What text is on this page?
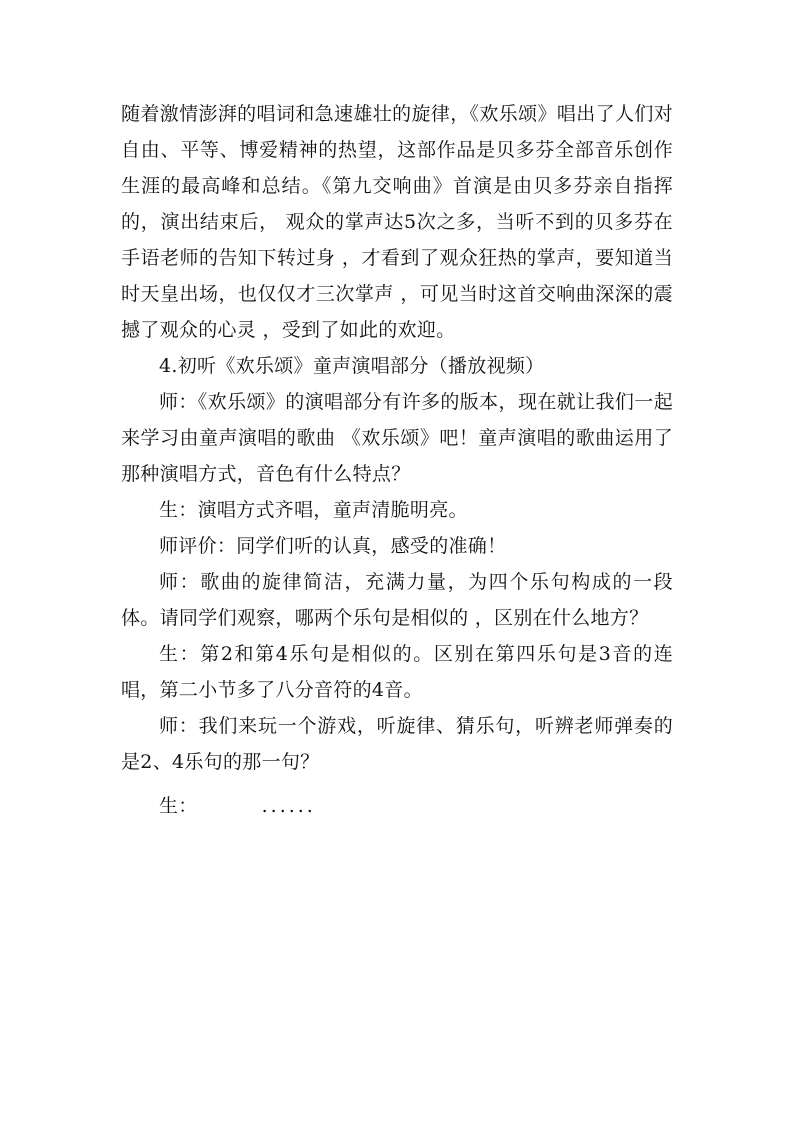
随着激情澎湃的唱词和急速雄壮的旋律，《欢乐颂》唱出了人们对自由、平等、博爱精神的热望，这部作品是贝多芬全部音乐创作生涯的最高峰和总结。《第九交响曲》首演是由贝多芬亲自指挥的，演出结束后， 观众的掌声达5次之多，当听不到的贝多芬在手语老师的告知下转过身 ，才看到了观众狂热的掌声，要知道当时天皇出场，也仅仅才三次掌声 ，可见当时这首交响曲深深的震撼了观众的心灵 ，受到了如此的欢迎。

4.初听《欢乐颂》童声演唱部分（播放视频）

师：《欢乐颂》的演唱部分有许多的版本，现在就让我们一起来学习由童声演唱的歌曲 《欢乐颂》吧！童声演唱的歌曲运用了那种演唱方式，音色有什么特点？

生：演唱方式齐唱，童声清脆明亮。

师评价：同学们听的认真，感受的准确！

师：歌曲的旋律简洁，充满力量，为四个乐句构成的一段体。请同学们观察，哪两个乐句是相似的 ，区别在什么地方？

生：第2和第4乐句是相似的。区别在第四乐句是3音的连唱，第二小节多了八分音符的4音。

师：我们来玩一个游戏，听旋律、猜乐句，听辨老师弹奏的是2、4乐句的那一句？

生：	......
